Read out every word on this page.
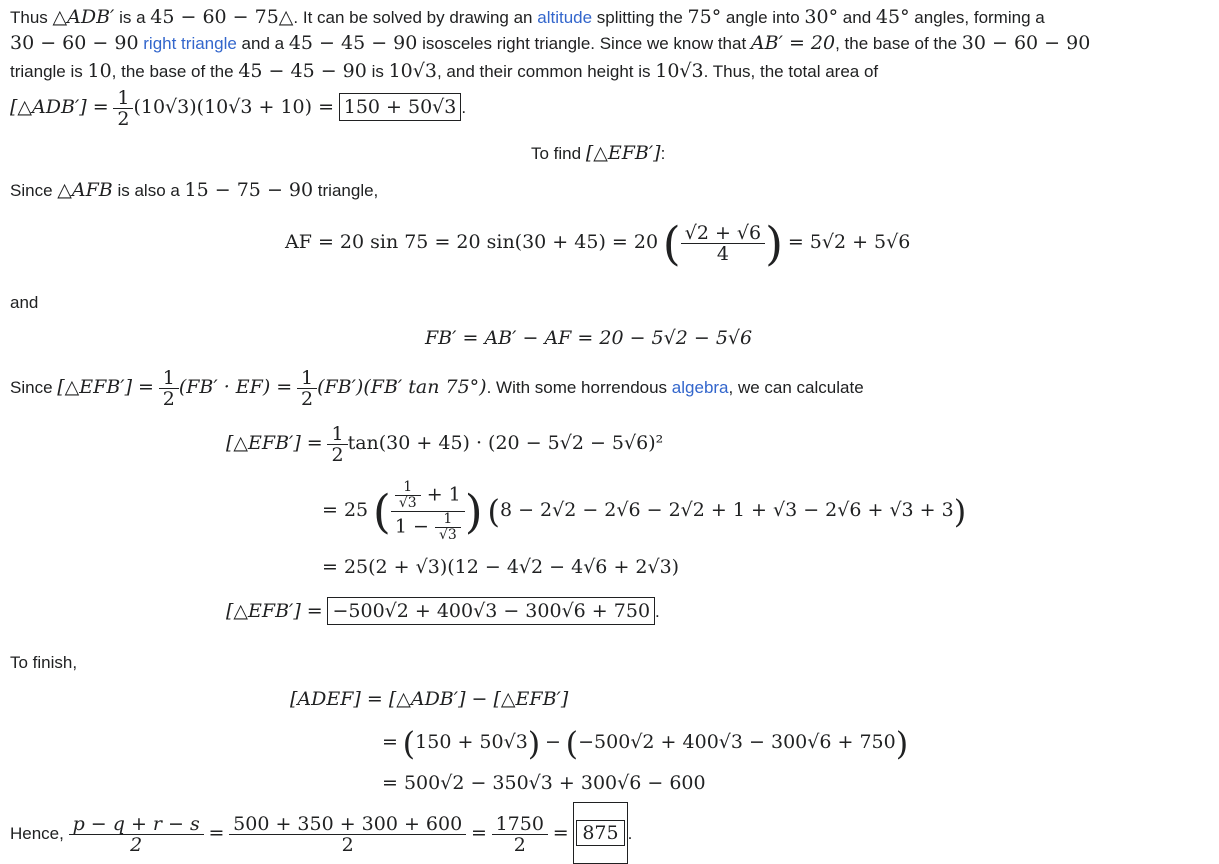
Thus △ADB′ is a 45 − 60 − 75△. It can be solved by drawing an altitude splitting the 75° angle into 30° and 45° angles, forming a
30 − 60 − 90 right triangle and a 45 − 45 − 90 isosceles right triangle. Since we know that AB′ = 20, the base of the 30 − 60 − 90
triangle is 10, the base of the 45 − 45 − 90 is 10√3, and their common height is 10√3. Thus, the total area of
[△ADB′] = $\frac{1}{2} (10√3)(10√3 + 10) = 150 + 50√3$ .
To find [△EFB′]:
Since △AFB is also a 15 − 75 − 90 triangle,
AF = 20 sin 75 = 20 sin(30 + 45) = 20 ( $\frac{√2 + √6}{4}$ ) = 5√2 + 5√6
and
FB′ = AB′ − AF = 20 − 5√2 − 5√6
Since [△EFB′] = $\frac{1}{2} (FB' \cdot EF) = \frac{1}{2} (FB')(FB'$ tan 75°). With some horrendous algebra, we can calculate
[△EFB′] = $\frac{1}{2} \tan(30 + 45) \cdot (20 - 5√2 - 5√6)^2$
= 25 ( $\frac{\frac{1}{√3} + 1}{1 - \frac{1}{√3}}$ ) (8 − 2√2 − 2√6 − 2√2 + 1 + √3 − 2√6 + √3 + 3)
= 25(2 + √3)(12 − 4√2 − 4√6 + 2√3)
[△EFB′] = −500√2 + 400√3 − 300√6 + 750 .
To finish,
[ADEF] = [△ADB′] − [△EFB′]
= (150 + 50√3) − (−500√2 + 400√3 − 300√6 + 750)
= 500√2 − 350√3 + 300√6 − 600
Hence, $\frac{p - q + r - s}{2} = \frac{500 + 350 + 300 + 600}{2} = \frac{1750}{2} = 875$ .
